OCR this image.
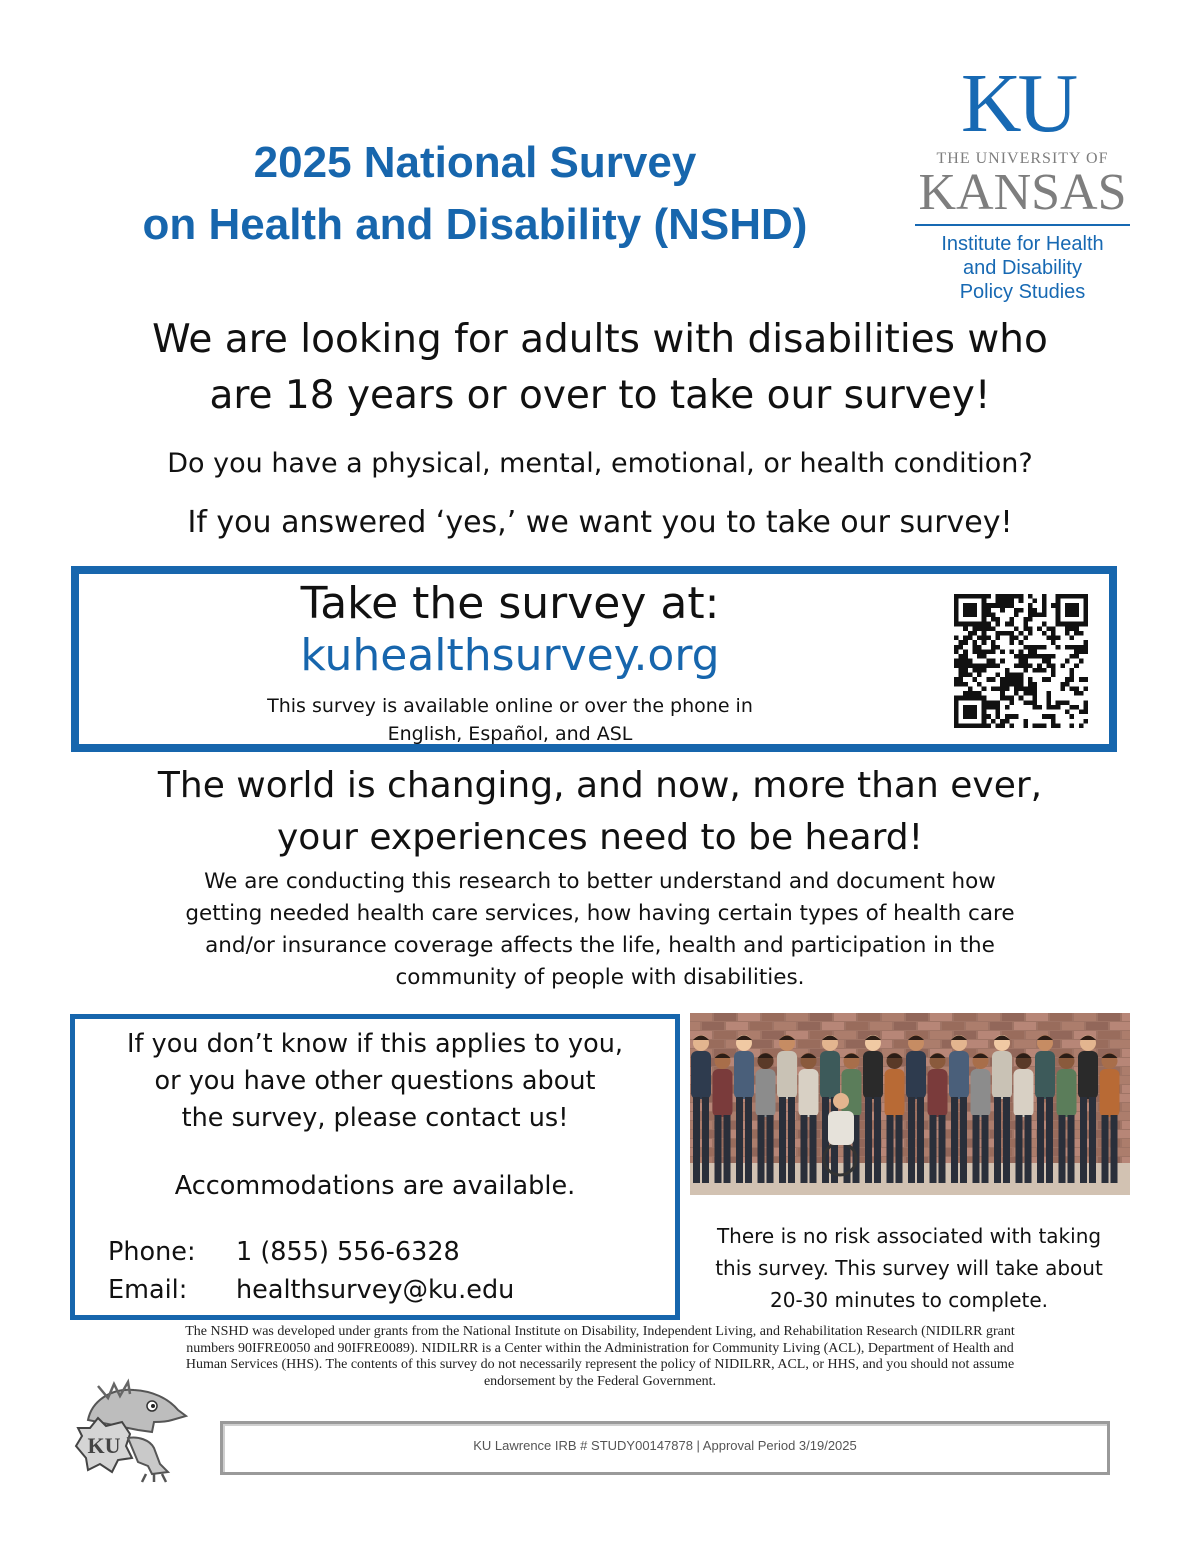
2025 National Survey
on Health and Disability (NSHD)
KU
THE UNIVERSITY OF
KANSAS
Institute for Health
and Disability
Policy Studies
We are looking for adults with disabilities who
are 18 years or over to take our survey!
Do you have a physical, mental, emotional, or health condition?
If you answered ‘yes,’ we want you to take our survey!
Take the survey at:
kuhealthsurvey.org
This survey is available online or over the phone in
English, Español, and ASL
The world is changing, and now, more than ever,
your experiences need to be heard!
We are conducting this research to better understand and document how
getting needed health care services, how having certain types of health care
and/or insurance coverage affects the life, health and participation in the
community of people with disabilities.
If you don’t know if this applies to you,
or you have other questions about
the survey, please contact us!
Accommodations are available.
Phone: 1 (855) 556-6328
Email: healthsurvey@ku.edu
There is no risk associated with taking
this survey. This survey will take about
20-30 minutes to complete.
The NSHD was developed under grants from the National Institute on Disability, Independent Living, and Rehabilitation Research (NIDILRR grant
numbers 90IFRE0050 and 90IFRE0089). NIDILRR is a Center within the Administration for Community Living (ACL), Department of Health and
Human Services (HHS). The contents of this survey do not necessarily represent the policy of NIDILRR, ACL, or HHS, and you should not assume
endorsement by the Federal Government.
KU	KU Lawrence IRB # STUDY00147878 | Approval Period 3/19/2025
